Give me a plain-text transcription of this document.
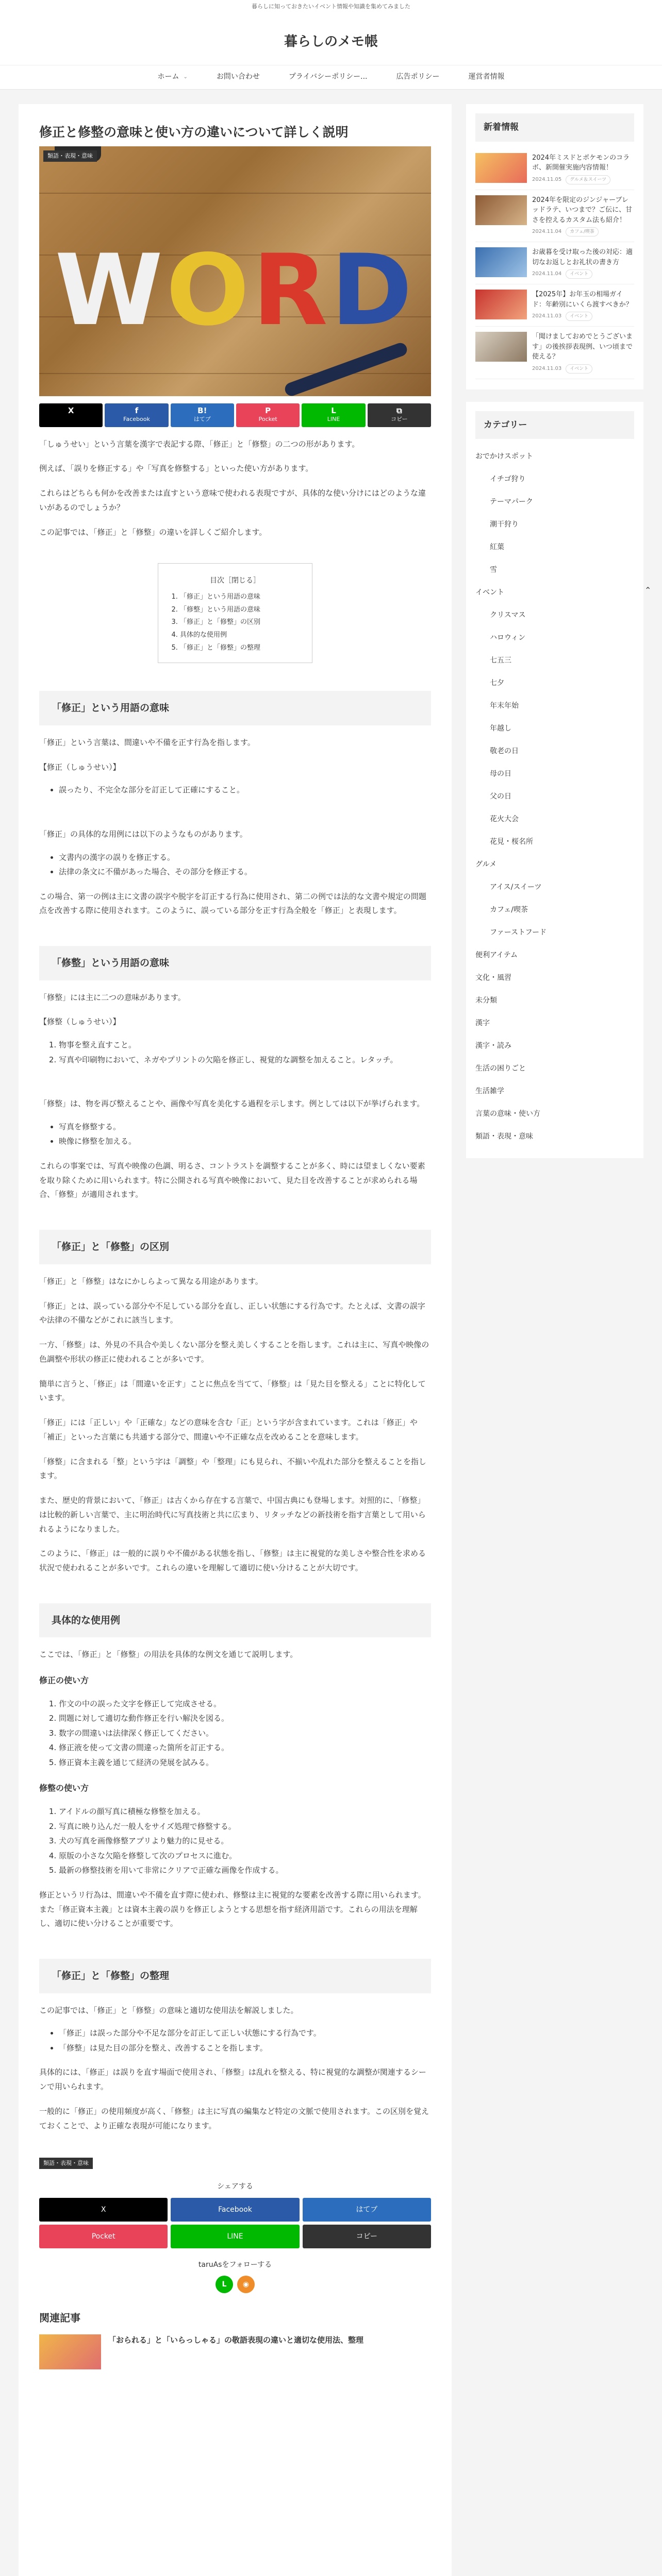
暮らしに知っておきたいイベント情報や知識を集めてみました
暮らしのメモ帳
ホーム ⌄	お問い合わせ	プライバシーポリシー...	広告ポリシー	運営者情報
修正と修整の意味と使い方の違いについて詳しく説明
類語・表現・意味
WORD
X	f
Facebook
B!
はてブ
P
Pocket
L
LINE
⧉
コピー

「しゅうせい」という言葉を漢字で表記する際、「修正」と「修整」の二つの形があります。

例えば、「誤りを修正する」や「写真を修整する」といった使い方があります。

これらはどちらも何かを改善または直すという意味で使われる表現ですが、具体的な使い分けにはどのような違いがあるのでしょうか？

この記事では、「修正」と「修整」の違いを詳しくご紹介します。

目次［閉じる］
1. 「修正」という用語の意味
2. 「修整」という用語の意味
3. 「修正」と「修整」の区別
4. 具体的な使用例
5. 「修正」と「修整」の整理
「修正」という用語の意味

「修正」という言葉は、間違いや不備を正す行為を指します。

【修正（しゅうせい）】

• 誤ったり、不完全な部分を訂正して正確にすること。

「修正」の具体的な用例には以下のようなものがあります。

• 文書内の漢字の誤りを修正する。
• 法律の条文に不備があった場合、その部分を修正する。

この場合、第一の例は主に文書の誤字や脱字を訂正する行為に使用され、第二の例では法的な文書や規定の問題点を改善する際に使用されます。このように、誤っている部分を正す行為全般を「修正」と表現します。

「修整」という用語の意味

「修整」には主に二つの意味があります。

【修整（しゅうせい）】

1. 物事を整え直すこと。
2. 写真や印刷物において、ネガやプリントの欠陥を修正し、視覚的な調整を加えること。レタッチ。

「修整」は、物を再び整えることや、画像や写真を美化する過程を示します。例としては以下が挙げられます。

• 写真を修整する。
• 映像に修整を加える。

これらの事案では、写真や映像の色調、明るさ、コントラストを調整することが多く、時には望ましくない要素を取り除くために用いられます。特に公開される写真や映像において、見た目を改善することが求められる場合、「修整」が適用されます。

「修正」と「修整」の区別

「修正」と「修整」はなにかしらよって異なる用途があります。

「修正」とは、誤っている部分や不足している部分を直し、正しい状態にする行為です。たとえば、文書の誤字や法律の不備などがこれに該当します。

一方、「修整」は、外見の不具合や美しくない部分を整え美しくすることを指します。これは主に、写真や映像の色調整や形状の修正に使われることが多いです。

簡単に言うと、「修正」は「間違いを正す」ことに焦点を当てて、「修整」は「見た目を整える」ことに特化しています。

「修正」には「正しい」や「正確な」などの意味を含む「正」という字が含まれています。これは「修正」や「補正」といった言葉にも共通する部分で、間違いや不正確な点を改めることを意味します。

「修整」に含まれる「整」という字は「調整」や「整理」にも見られ、不揃いや乱れた部分を整えることを指します。

また、歴史的背景において、「修正」は古くから存在する言葉で、中国古典にも登場します。対照的に、「修整」は比較的新しい言葉で、主に明治時代に写真技術と共に広まり、リタッチなどの新技術を指す言葉として用いられるようになりました。

このように、「修正」は一般的に誤りや不備がある状態を指し、「修整」は主に視覚的な美しさや整合性を求める状況で使われることが多いです。これらの違いを理解して適切に使い分けることが大切です。

具体的な使用例

ここでは、「修正」と「修整」の用法を具体的な例文を通じて説明します。

修正の使い方
1. 作文の中の誤った文字を修正して完成させる。
2. 問題に対して適切な動作修正を行い解決を図る。
3. 数字の間違いは法律深く修正してください。
4. 修正液を使って文書の間違った箇所を訂正する。
5. 修正資本主義を通じて経済の発展を試みる。
修整の使い方
1. アイドルの顔写真に積極な修整を加える。
2. 写真に映り込んだ一般人をサイズ処理で修整する。
3. 犬の写真を画像修整アプリより魅力的に見せる。
4. 原版の小さな欠陥を修整して次のプロセスに進む。
5. 最新の修整技術を用いて非常にクリアで正確な画像を作成する。

修正というリ行為は、間違いや不備を直す際に使われ、修整は主に視覚的な要素を改善する際に用いられます。また「修正資本主義」とは資本主義の誤りを修正しようとする思想を指す経済用語です。これらの用法を理解し、適切に使い分けることが重要です。

「修正」と「修整」の整理

この記事では、「修正」と「修整」の意味と適切な使用法を解説しました。

• 「修正」は誤った部分や不足な部分を訂正して正しい状態にする行為です。
• 「修整」は見た目の部分を整え、改善することを指します。

具体的には、「修正」は誤りを直す場面で使用され、「修整」は乱れを整える、特に視覚的な調整が関連するシーンで用いられます。

一般的に「修正」の使用頻度が高く、「修整」は主に写真の編集など特定の文脈で使用されます。この区別を覚えておくことで、より正確な表現が可能になります。

類語・表現・意味
シェアする
X	Facebook	はてブ
Pocket	LINE	コピー
taruAsをフォローする
L	◉
関連記事
「おられる」と「いらっしゃる」の敬語表現の違いと適切な使用法、整理
新着情報
2024年ミスドとポケモンのコラボ、新開催実施内容情報！
2024.11.05	グルメ＆スイーツ
2024年を限定のジンジャーブレッドラテ、いつまで？ご伝に、甘さを控えるカスタム法も紹介！
2024.11.04	カフェ/喫茶
お歳暮を受け取った後の対応：適切なお返しとお礼状の書き方
2024.11.04	イベント
【2025年】お年玉の相場ガイド：年齢別にいくら渡すべきか？
2024.11.03	イベント
「聞けましておめでとうございます」の後挨拶表現例、いつ頃まで使える？
2024.11.03	イベント
カテゴリー
おでかけスポット
イチゴ狩り
テーマパーク
潮干狩り
紅葉
雪
イベント
クリスマス
ハロウィン
七五三
七夕
年末年始
年越し
敬老の日
母の日
父の日
花火大会
花見・桜名所
グルメ
アイス/スイーツ
カフェ/喫茶
ファーストフード
便利アイテム
文化・風習
未分類
漢字
漢字・読み
生活の困りごと
生活雑学
言葉の意味・使い方
類語・表現・意味
⌃
